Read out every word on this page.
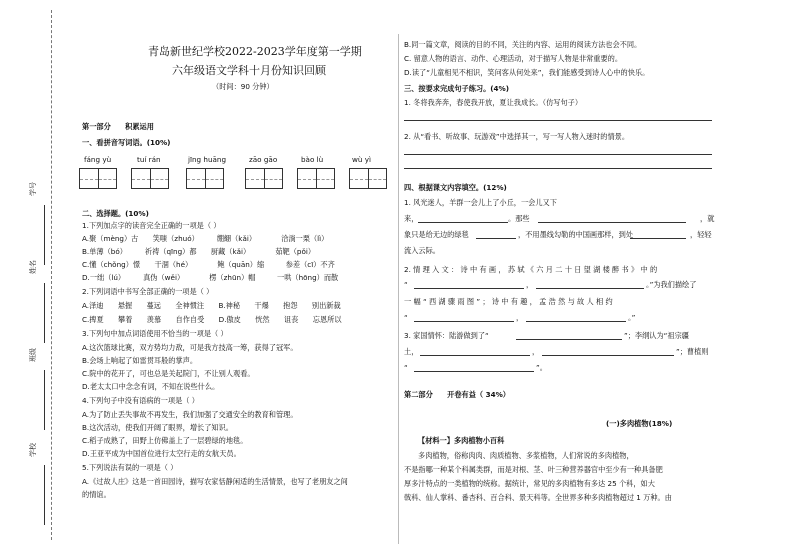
学号
姓名
班级
学校
青岛新世纪学校2022-2023学年度第一学期
六年级语文学科十月份知识回顾
（时间：90 分钟）
第一部分　　积累运用
一、看拼音写词语。(10%)
fáng yù	tuí rán	jīng huāng	zāo gāo	bào lù	wù yì
二、选择题。(10%)
1.下列加点字的读音完全正确的一项是（ ）
A.聚（mèng）古　　笑嗤（zhuó）　　　绷綳（kǎi）　　　　洽淌一栗（lì）
B.单薄（bó）　　　祈祷（qīng）都　　厨藏（kǎi）　　　　茹靶（pǒi）
C.懂（chǒng）憬　　干涸（hé）　　　　鲍（quān）缩　　　参差（cī）不齐
D.一绌（lú）　　　真伪（wěi）　　　　楞（zhūn）帽　　　一哄（hōng）而散
2.下列词语中书写全部正确的一项是（ ）
A.泽迪　　悬握　　蔓远　　全神惯注　　B.神秘　　干爆　　抱怨　　别出新裁
C.捭夏　　攀着　　羡慕　　自作自受　　D.傲皮　　恍然　　诅丧　　忘恩所以
3.下列句中加点词语使用不恰当的一项是（ ）
A.这次篮球比赛，双方势均力敌，可是我方技高一筹，获得了冠军。
B.会场上响起了如雷贯耳般的掌声。
C.院中的花开了，可也总是关起院门，不让别人观看。
D.老太太口中念念有词，不知在说些什么。
4.下列句子中没有语病的一项是（ ）
A.为了防止丢失事故不再发生，我们加强了交通安全的教育和管理。
B.这次活动，使我们开阔了眼界，增长了知识。
C.稻子成熟了，田野上仿佛盖上了一层碧绿的地毯。
D.王亚平成为中国首位进行太空行走的女航天员。
5.下列说法有误的一项是（ ）
A.《过故人庄》这是一首田园诗，描写农家恬静闲适的生活情景，也写了老朋友之间
的情谊。
B.同一篇文章，阅读的目的不同，关注的内容、运用的阅读方法也会不同。
C. 留意人物的语言、动作、心理活动，对于描写人物是非常重要的。
D.读了“儿童相见不相识，笑问客从何处来”，我们能感受到诗人心中的快乐。
三、按要求完成句子练习。(4%)
1. 冬将我奔奔，春使我开放，夏让我成长。（仿写句子）
2. 从“看书、听故事、玩游戏”中选择其一，写一写人物入迷时的情景。
四、根据课文内容填空。(12%)
1. 风光迷人，羊群一会儿上了小丘，一会儿又下
来，	。那些	，就
象只是给无边的绿毯	，不用墨线勾勒的中国画那样，到处	，轻轻
流入云际。
2. 情 理 入 文 ： 诗 中 有 画 ， 苏 轼 《 六 月 二 十 日 望 湖 楼 醉 书 》 中 的
“	，	。”为我们描绘了
一 幅 “ 西 湖 骤 雨 图 ” ； 诗 中 有 趣 ， 孟 浩 然 与 故 人 相 约
“	，	。”
3. 家国情怀：陆游做到了“	”；李纲认为“祖宗疆
土，	，	”；曹植则
“	”。
第二部分　　开卷有益（ 34%）
(一)多肉植物(18%)
【材料一】多肉植物小百科
多肉植物，俗称肉肉、肉质植物、多浆植物，人们常说的多肉植物，
不是指哪一种某个科属类群，而是对根、茎、叶三种营养器官中至少有一种具备肥
厚多汁特点的一类植物的统称。据统计，常见的多肉植物有多达 25 个科，如大
戟科、仙人掌科、番杏科、百合科、景天科等。全世界多种多肉植物超过 1 万种。由
